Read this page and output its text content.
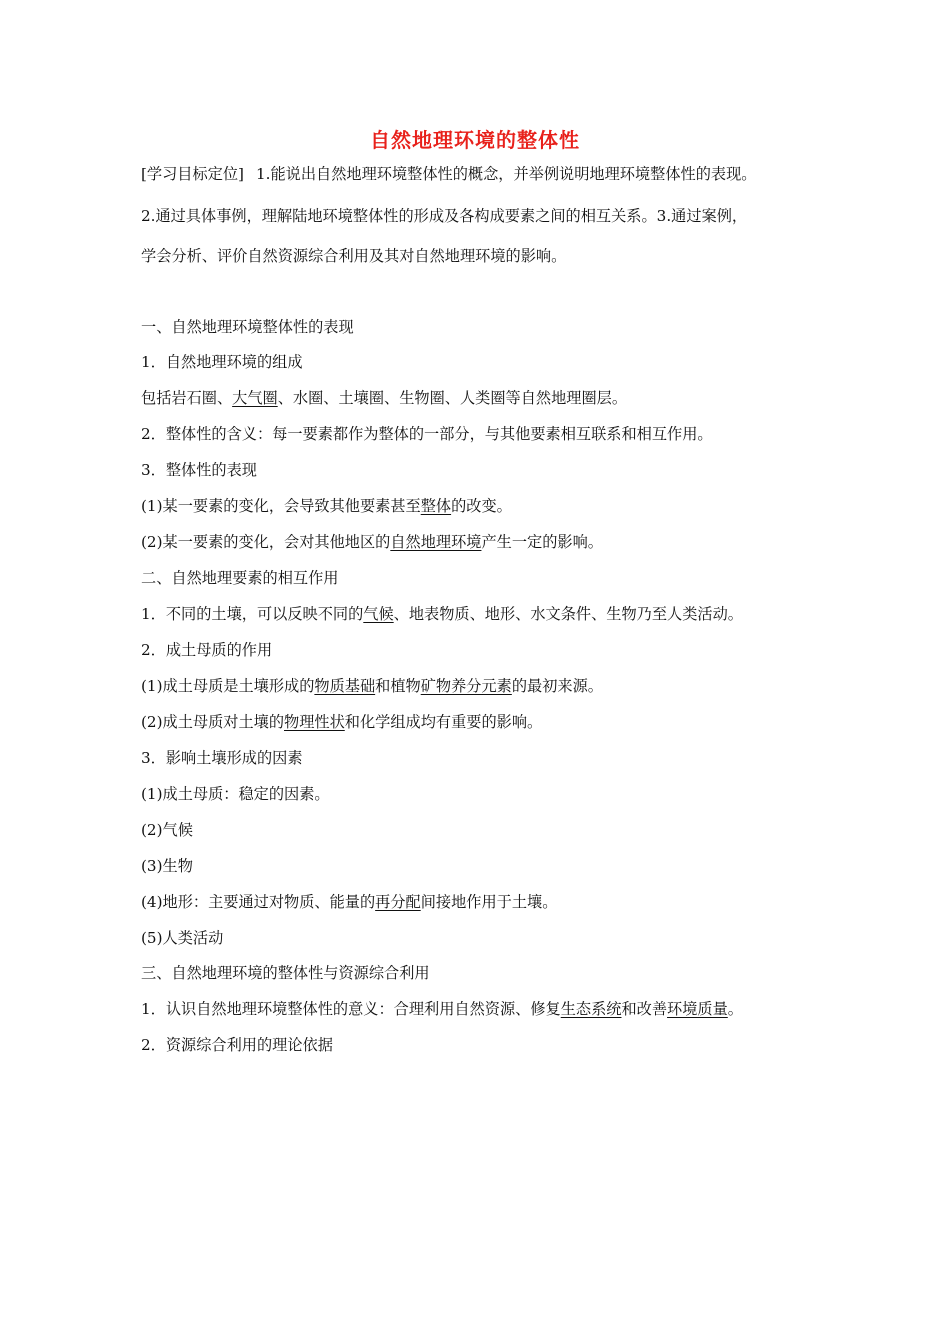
自然地理环境的整体性
[学习目标定位] 1.能说出自然地理环境整体性的概念，并举例说明地理环境整体性的表现。
2.通过具体事例，理解陆地环境整体性的形成及各构成要素之间的相互关系。3.通过案例，
学会分析、评价自然资源综合利用及其对自然地理环境的影响。
一、自然地理环境整体性的表现
1．自然地理环境的组成
包括岩石圈、大气圈、水圈、土壤圈、生物圈、人类圈等自然地理圈层。
2．整体性的含义：每一要素都作为整体的一部分，与其他要素相互联系和相互作用。
3．整体性的表现
(1)某一要素的变化，会导致其他要素甚至整体的改变。
(2)某一要素的变化，会对其他地区的自然地理环境产生一定的影响。
二、自然地理要素的相互作用
1．不同的土壤，可以反映不同的气候、地表物质、地形、水文条件、生物乃至人类活动。
2．成土母质的作用
(1)成土母质是土壤形成的物质基础和植物矿物养分元素的最初来源。
(2)成土母质对土壤的物理性状和化学组成均有重要的影响。
3．影响土壤形成的因素
(1)成土母质：稳定的因素。
(2)气候
(3)生物
(4)地形：主要通过对物质、能量的再分配间接地作用于土壤。
(5)人类活动
三、自然地理环境的整体性与资源综合利用
1．认识自然地理环境整体性的意义：合理利用自然资源、修复生态系统和改善环境质量。
2．资源综合利用的理论依据
